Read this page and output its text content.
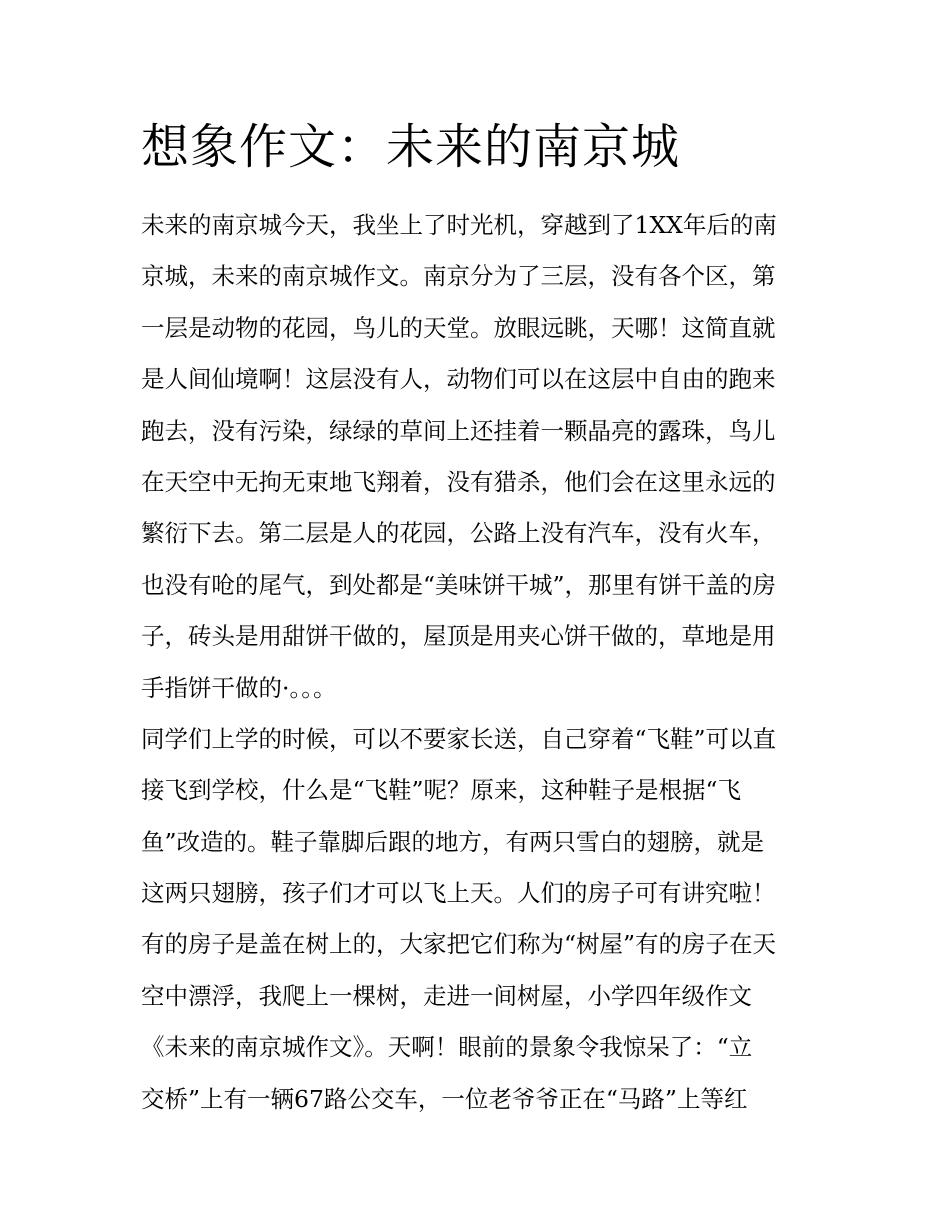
想象作文：未来的南京城

未来的南京城今天，我坐上了时光机，穿越到了1XX年后的南
京城，未来的南京城作文。南京分为了三层，没有各个区，第
一层是动物的花园，鸟儿的天堂。放眼远眺，天哪！这简直就
是人间仙境啊！这层没有人，动物们可以在这层中自由的跑来
跑去，没有污染，绿绿的草间上还挂着一颗晶亮的露珠，鸟儿
在天空中无拘无束地飞翔着，没有猎杀，他们会在这里永远的
繁衍下去。第二层是人的花园，公路上没有汽车，没有火车，
也没有呛的尾气，到处都是“美味饼干城”，那里有饼干盖的房
子，砖头是用甜饼干做的，屋顶是用夹心饼干做的，草地是用
手指饼干做的·。。。

同学们上学的时候，可以不要家长送，自己穿着“飞鞋”可以直
接飞到学校，什么是“飞鞋”呢？原来，这种鞋子是根据“飞
鱼”改造的。鞋子靠脚后跟的地方，有两只雪白的翅膀，就是
这两只翅膀，孩子们才可以飞上天。人们的房子可有讲究啦！
有的房子是盖在树上的，大家把它们称为“树屋”有的房子在天
空中漂浮，我爬上一棵树，走进一间树屋，小学四年级作文
《未来的南京城作文》。天啊！眼前的景象令我惊呆了：“立
交桥”上有一辆67路公交车，一位老爷爷正在“马路”上等红
